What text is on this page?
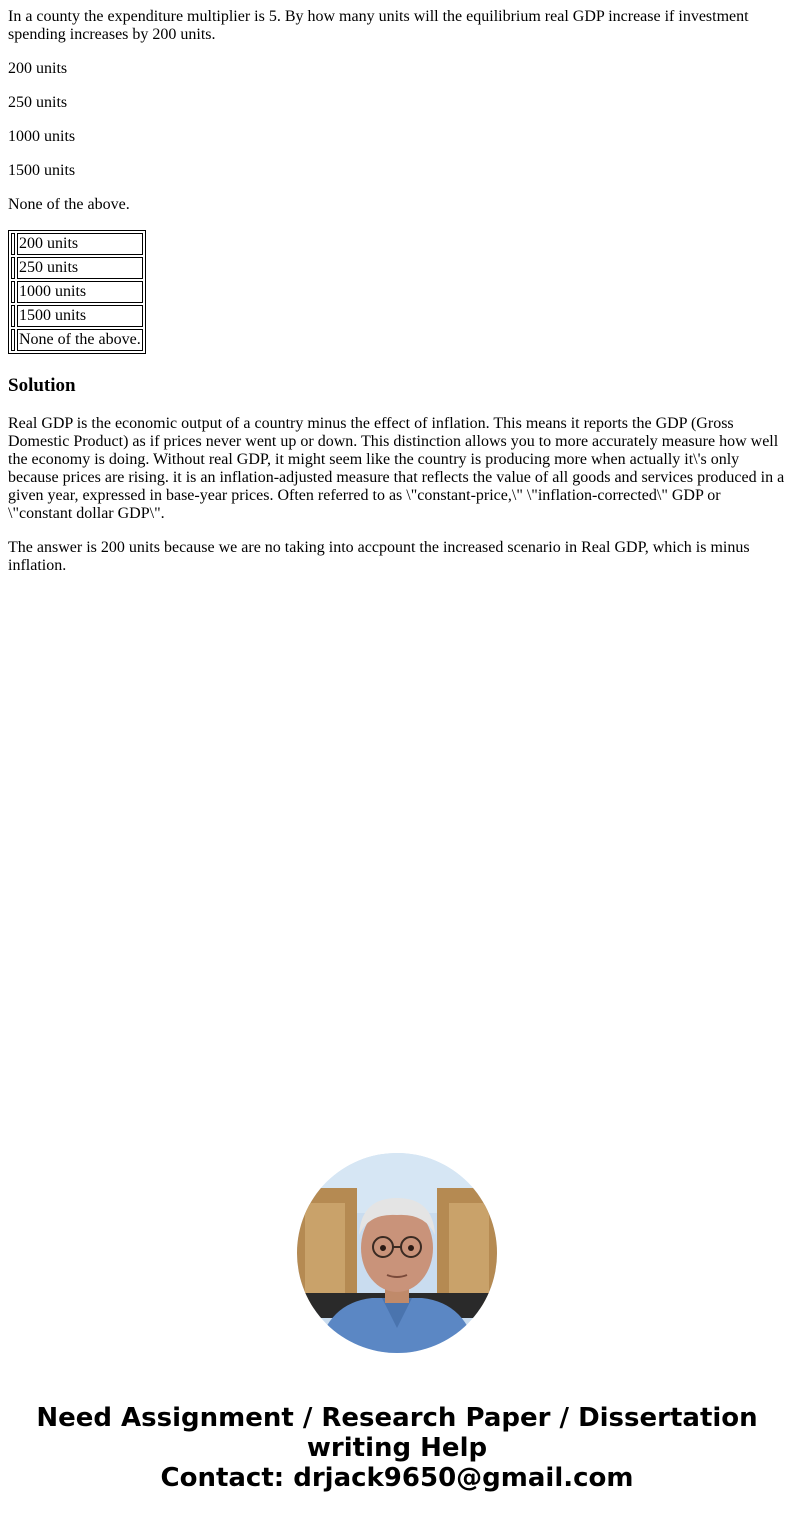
In a county the expenditure multiplier is 5. By how many units will the equilibrium real GDP increase if investment spending increases by 200 units.

200 units

250 units

1000 units

1500 units

None of the above.

	200 units
	250 units
	1000 units
	1500 units
	None of the above.
Solution

Real GDP is the economic output of a country minus the effect of inflation. This means it reports the GDP (Gross Domestic Product) as if prices never went up or down. This distinction allows you to more accurately measure how well the economy is doing. Without real GDP, it might seem like the country is producing more when actually it\'s only because prices are rising. it is an inflation-adjusted measure that reflects the value of all goods and services produced in a given year, expressed in base-year prices. Often referred to as \"constant-price,\" \"inflation-corrected\" GDP or \"constant dollar GDP\".

The answer is 200 units because we are no taking into accpount the increased scenario in Real GDP, which is minus inflation.

Need Assignment / Research Paper / Dissertation
writing Help
Contact: drjack9650@gmail.com
